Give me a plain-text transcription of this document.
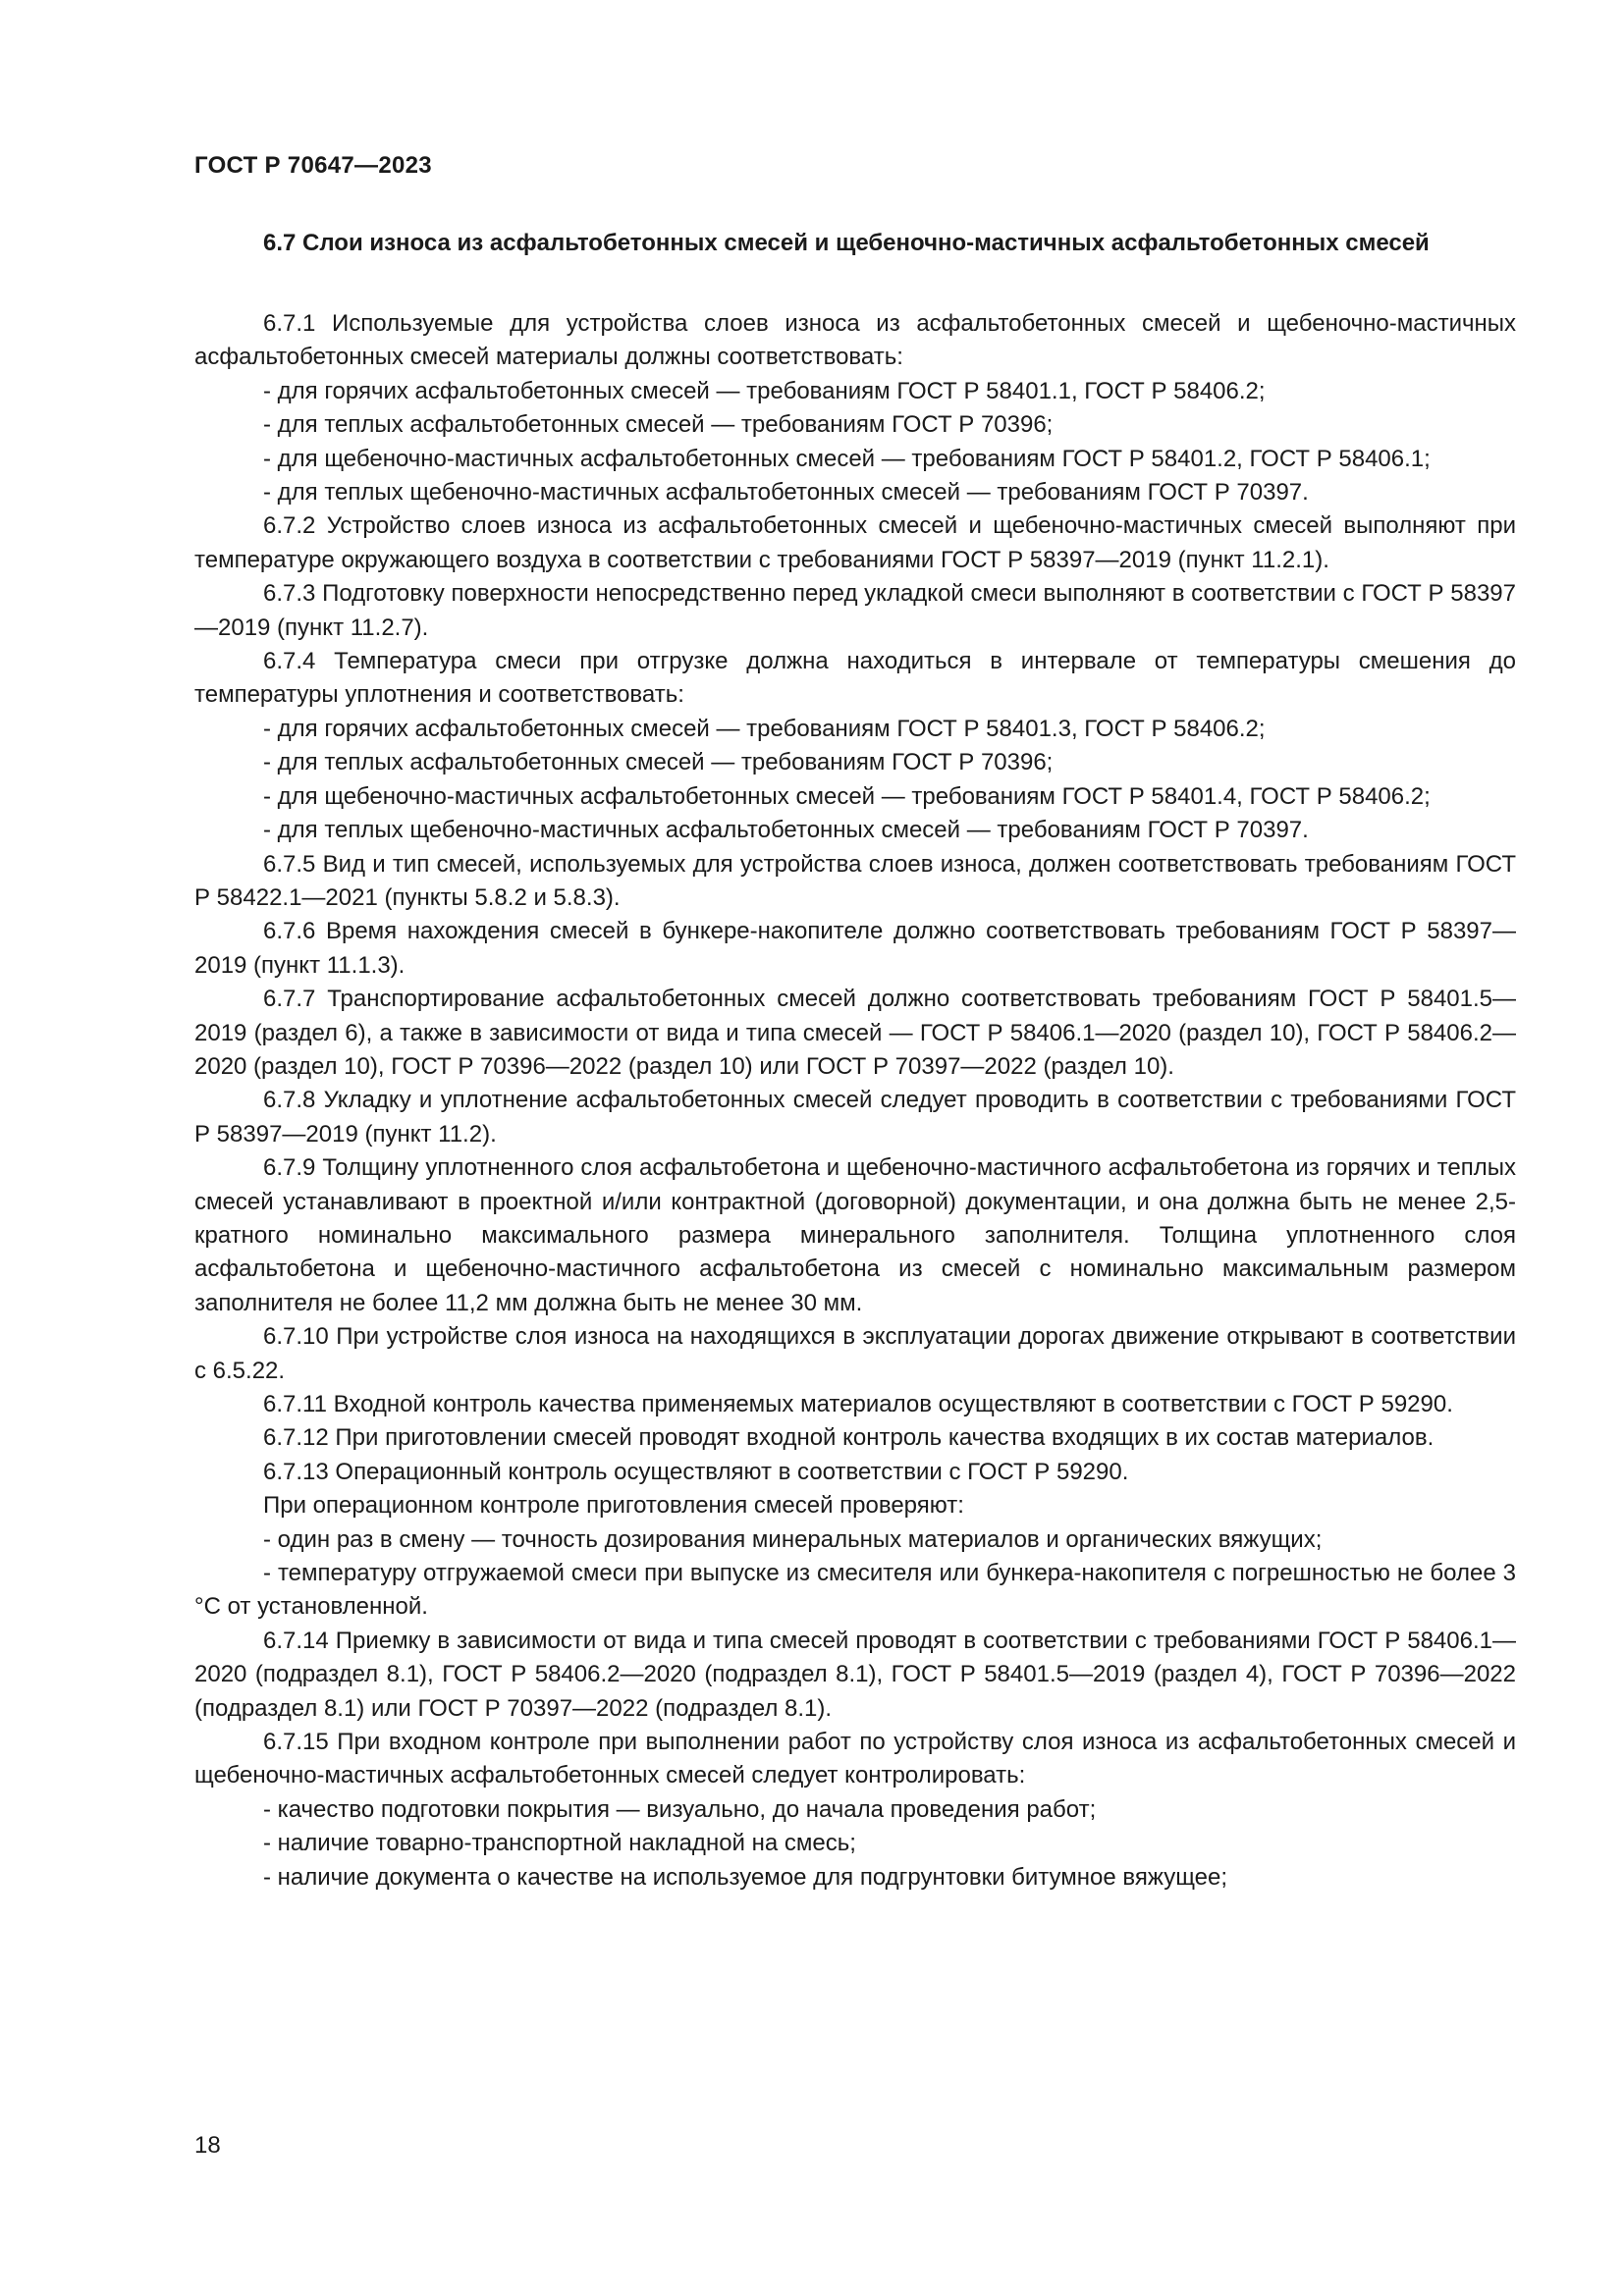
ГОСТ Р 70647—2023
6.7 Слои износа из асфальтобетонных смесей и щебеночно-мастичных асфальтобетонных смесей

6.7.1 Используемые для устройства слоев износа из асфальтобетонных смесей и щебеночно-мастичных асфальтобетонных смесей материалы должны соответствовать:

- для горячих асфальтобетонных смесей — требованиям ГОСТ Р 58401.1, ГОСТ Р 58406.2;

- для теплых асфальтобетонных смесей — требованиям ГОСТ Р 70396;

- для щебеночно-мастичных асфальтобетонных смесей — требованиям ГОСТ Р 58401.2, ГОСТ Р 58406.1;

- для теплых щебеночно-мастичных асфальтобетонных смесей — требованиям ГОСТ Р 70397.

6.7.2 Устройство слоев износа из асфальтобетонных смесей и щебеночно-мастичных смесей выполняют при температуре окружающего воздуха в соответствии с требованиями ГОСТ Р 58397—2019 (пункт 11.2.1).

6.7.3 Подготовку поверхности непосредственно перед укладкой смеси выполняют в соответствии с ГОСТ Р 58397—2019 (пункт 11.2.7).

6.7.4 Температура смеси при отгрузке должна находиться в интервале от температуры смешения до температуры уплотнения и соответствовать:

- для горячих асфальтобетонных смесей — требованиям ГОСТ Р 58401.3, ГОСТ Р 58406.2;

- для теплых асфальтобетонных смесей — требованиям ГОСТ Р 70396;

- для щебеночно-мастичных асфальтобетонных смесей — требованиям ГОСТ Р 58401.4, ГОСТ Р 58406.2;

- для теплых щебеночно-мастичных асфальтобетонных смесей — требованиям ГОСТ Р 70397.

6.7.5 Вид и тип смесей, используемых для устройства слоев износа, должен соответствовать требованиям ГОСТ Р 58422.1—2021 (пункты 5.8.2 и 5.8.3).

6.7.6 Время нахождения смесей в бункере-накопителе должно соответствовать требованиям ГОСТ Р 58397—2019 (пункт 11.1.3).

6.7.7 Транспортирование асфальтобетонных смесей должно соответствовать требованиям ГОСТ Р 58401.5—2019 (раздел 6), а также в зависимости от вида и типа смесей — ГОСТ Р 58406.1—2020 (раздел 10), ГОСТ Р 58406.2—2020 (раздел 10), ГОСТ Р 70396—2022 (раздел 10) или ГОСТ Р 70397—2022 (раздел 10).

6.7.8 Укладку и уплотнение асфальтобетонных смесей следует проводить в соответствии с требованиями ГОСТ Р 58397—2019 (пункт 11.2).

6.7.9 Толщину уплотненного слоя асфальтобетона и щебеночно-мастичного асфальтобетона из горячих и теплых смесей устанавливают в проектной и/или контрактной (договорной) документации, и она должна быть не менее 2,5-кратного номинально максимального размера минерального заполнителя. Толщина уплотненного слоя асфальтобетона и щебеночно-мастичного асфальтобетона из смесей с номинально максимальным размером заполнителя не более 11,2 мм должна быть не менее 30 мм.

6.7.10 При устройстве слоя износа на находящихся в эксплуатации дорогах движение открывают в соответствии с 6.5.22.

6.7.11 Входной контроль качества применяемых материалов осуществляют в соответствии с ГОСТ Р 59290.

6.7.12 При приготовлении смесей проводят входной контроль качества входящих в их состав материалов.

6.7.13 Операционный контроль осуществляют в соответствии с ГОСТ Р 59290.

При операционном контроле приготовления смесей проверяют:

- один раз в смену — точность дозирования минеральных материалов и органических вяжущих;

- температуру отгружаемой смеси при выпуске из смесителя или бункера-накопителя с погрешностью не более 3 °С от установленной.

6.7.14 Приемку в зависимости от вида и типа смесей проводят в соответствии с требованиями ГОСТ Р 58406.1—2020 (подраздел 8.1), ГОСТ Р 58406.2—2020 (подраздел 8.1), ГОСТ Р 58401.5—2019 (раздел 4), ГОСТ Р 70396—2022 (подраздел 8.1) или ГОСТ Р 70397—2022 (подраздел 8.1).

6.7.15 При входном контроле при выполнении работ по устройству слоя износа из асфальтобетонных смесей и щебеночно-мастичных асфальтобетонных смесей следует контролировать:

- качество подготовки покрытия — визуально, до начала проведения работ;

- наличие товарно-транспортной накладной на смесь;

- наличие документа о качестве на используемое для подгрунтовки битумное вяжущее;

18
